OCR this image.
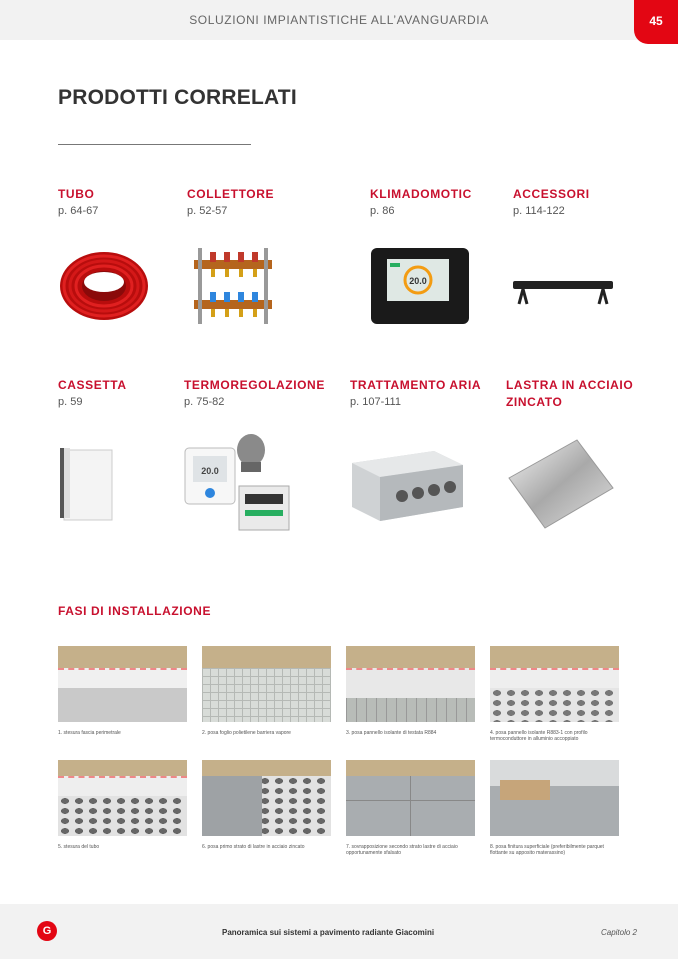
SOLUZIONI IMPIANTISTICHE ALL’AVANGUARDIA	45
PRODOTTI CORRELATI
TUBO
p. 64-67
COLLETTORE
p. 52-57
KLIMADOMOTIC
p. 86
ACCESSORI
p. 114-122
20.0
CASSETTA
p. 59
TERMOREGOLAZIONE
p. 75-82
TRATTAMENTO ARIA
p. 107-111
LASTRA IN ACCIAIO
ZINCATO
20.0
FASI DI INSTALLAZIONE
1. stesura fascia perimetrale	2. posa foglio polietilene barriera vapore	3. posa pannello isolante di testata R884	4. posa pannello isolante R883-1 con profilo termoconduttore in alluminio accoppiato
5. stesura del tubo	6. posa primo strato di lastre in acciaio zincato	7. sovrapposizione secondo strato lastre di acciaio opportunamente sfalsato
8. posa finitura superficiale (preferibilmente parquet flottante su apposito materassino)
G	Panoramica sui sistemi a pavimento radiante Giacomini	Capitolo 2
